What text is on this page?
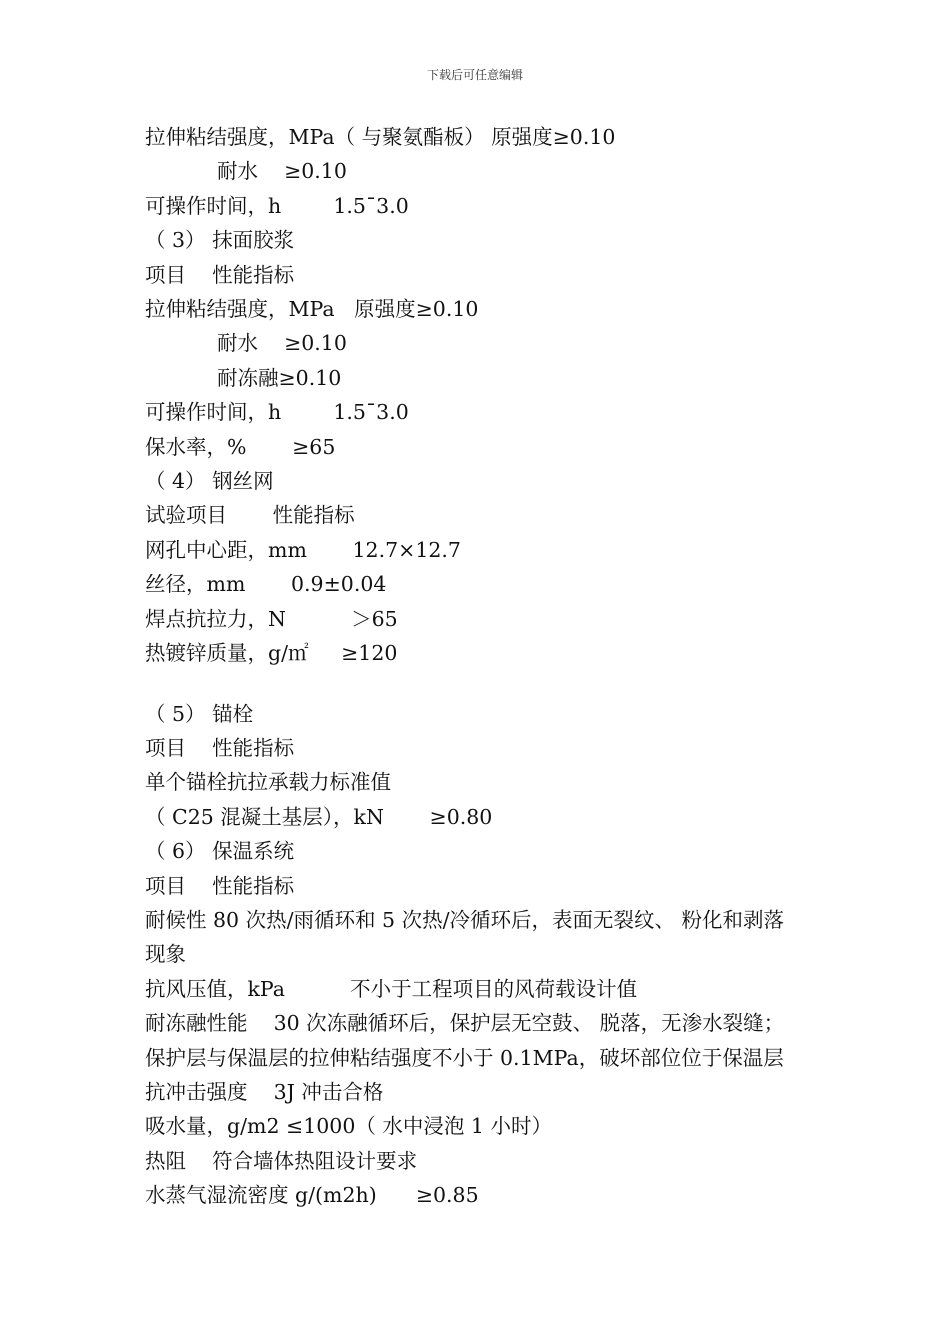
下载后可任意编辑
拉伸粘结强度，MPa（ 与聚氨酯板） 原强度≥0.10
耐水    ≥0.10
可操作时间，h        1.5¯3.0
（ 3） 抹面胶浆
项目    性能指标
拉伸粘结强度，MPa   原强度≥0.10
耐水    ≥0.10
耐冻融≥0.10
可操作时间，h        1.5¯3.0
保水率，%       ≥65
（ 4） 钢丝网
试验项目       性能指标
网孔中心距，mm       12.7×12.7
丝径，mm       0.9±0.04
焊点抗拉力，N          ＞65
热镀锌质量，g/㎡     ≥120
（ 5） 锚栓
项目    性能指标
单个锚栓抗拉承载力标准值
（ C25 混凝土基层），kN       ≥0.80
（ 6） 保温系统
项目    性能指标
耐候性 80 次热/雨循环和 5 次热/冷循环后，表面无裂纹、 粉化和剥落
现象
抗风压值，kPa          不小于工程项目的风荷载设计值
耐冻融性能    30 次冻融循环后，保护层无空鼓、 脱落，无渗水裂缝；
保护层与保温层的拉伸粘结强度不小于 0.1MPa，破坏部位位于保温层
抗冲击强度    3J 冲击合格
吸水量，g/m2 ≤1000（ 水中浸泡 1 小时）
热阻    符合墙体热阻设计要求
水蒸气湿流密度 g/(m2h)      ≥0.85
